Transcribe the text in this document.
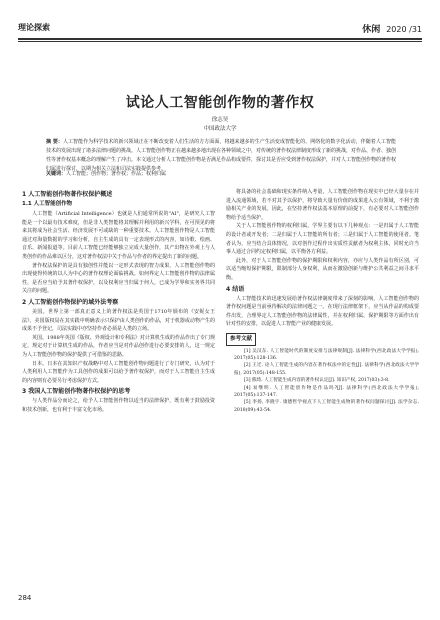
理论探索	休闲 2020 /31
试论人工智能创作物的著作权
徐志昊
中国政法大学
摘 要：人工智能作为科学技术的新兴领域正在不断改变着人们生活的方方面面，将越来越多的生产生活变成智能化的、网络化的数字化活动，伴随着人工智能技术的发展出现了诸多法律问题的挑战。人工智能创作物正在越来越多地出现在各种领域之中，对传统的著作权法律制度形成了新的挑战，对作品、作者、独创性等著作权基本概念的理解产生了冲击。本文通过分析人工智能创作物是否满足作品构成要件，探讨其是否应受到著作权法保护，并对人工智能创作物的著作权归属进行探讨，以期为相关立法和司法实践提供参考。
关键词：人工智能；创作物；著作权；作品；权利归属
1 人工智能创作物著作权保护概述
1.1 人工智能创作物

人工智能（Artificial Intelligence）也就是人们通常所说的"AI"，是研究人工智能是一个以最有技术难度，但是非人类智能将其理解并利用的新兴学科，在可预见的将来其将成为社会生活、经济发展不可或缺的一种重要技术。人工智能创作物是人工智能通过对海量数据的学习和分析，自主生成的具有一定表现形式的内容，如诗歌、绘画、音乐、新闻报道等。目前人工智能已经能够独立完成大量创作，其产出物在外观上与人类创作的作品难以区分，这对著作权法中关于作品与作者的界定提出了新的问题。

著作权法保护的是具有独创性并能以一定形式表现的智力成果，人工智能创作物的出现使得传统的以人为中心的著作权理论面临挑战。如何界定人工智能创作物的法律属性，是否应当给予其著作权保护，以及权利应当归属于何人，已成为学界和实务界共同关注的问题。

2 人工智能创作物保护的域外法考察

美国。世界上第一部真正意义上的著作权法是英国于1710年颁布的《安妮女王法》，美国版权局在其实践中明确表示只保护由人类创作的作品，对于机器或动物产生的成果不予登记，司法实践中亦坚持作者必须是人类的立场。

英国。1988年英国《版权、外观设计和专利法》对计算机生成的作品作出了专门规定，规定对于计算机生成的作品，作者应当是对作品创作进行必要安排的人，这一规定为人工智能创作物的保护提供了可借鉴的思路。

日本。日本在其知识产权战略中对人工智能创作物问题进行了专门研究，认为对于人类利用人工智能作为工具创作的成果可以给予著作权保护，而对于人工智能自主生成的内容则有必要另行考虑保护方式。

3 我国人工智能创作物著作权保护的思考

与人类作品分而论之，给予人工智能创作物以适当的法律保护，既有利于鼓励投资和技术创新，也有利于丰富文化市场。

将具备的社会基础和现实条件纳入考量，人工智能创作物在现实中已经大量存在并进入流通领域，若不对其予以保护，将导致大量有价值的成果进入公有领域，不利于激励相关产业的发展。因此，在坚持著作权法基本原理的前提下，有必要对人工智能创作物给予适当保护。

关于人工智能创作物的权利归属，学界主要有以下几种观点：一是归属于人工智能的设计者或开发者；二是归属于人工智能的所有者；三是归属于人工智能的使用者。笔者认为，应当结合具体情况，以对创作过程作出实质性贡献者为权利主体，同时允许当事人通过合同约定权利归属，以平衡各方利益。

此外，对于人工智能创作物的保护期限和权利内容，亦应与人类作品有所区别，可以适当缩短保护期限，限制部分人身权利，从而在激励创新与维护公共利益之间寻求平衡。

4 结语

人工智能技术的迅速发展给著作权法律制度带来了深刻的影响，人工智能创作物的著作权问题是当前亟待解决的法律问题之一。在现行法律框架下，应当从作品的构成要件出发，合理界定人工智能创作物的法律属性，并在权利归属、保护期限等方面作出有针对性的安排，以促进人工智能产业的健康发展。

参考文献

[1] 吴汉东. 人工智能时代的制度安排与法律规制[J]. 法律科学(西北政法大学学报), 2017(05):128-136.

[2] 王迁. 论人工智能生成的内容在著作权法中的定性[J]. 法律科学(西北政法大学学报), 2017(05):148-155.

[3] 熊琦. 人工智能生成内容的著作权认定[J]. 知识产权, 2017(03):3-8.

[4] 易继明. 人工智能创作物是作品吗?[J]. 法律科学(西北政法大学学报), 2017(05):137-147.

[5] 李扬, 李晓宇. 康德哲学视点下人工智能生成物的著作权问题探讨[J]. 法学杂志, 2018(09):43-54.

284
